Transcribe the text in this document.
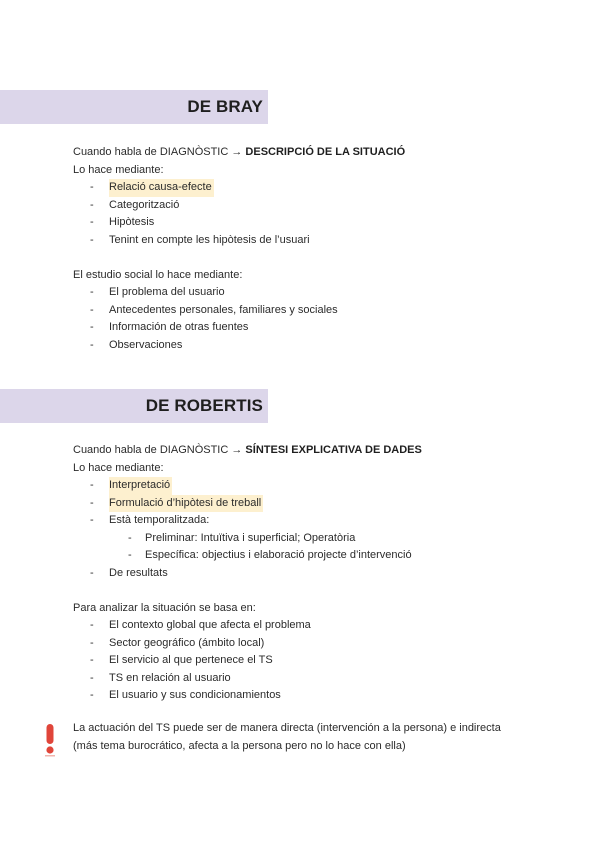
DE BRAY
Cuando habla de DIAGNÒSTIC → DESCRIPCIÓ DE LA SITUACIÓ
Lo hace mediante:
- Relació causa-efecte
- Categorització
- Hipòtesis
- Tenint en compte les hipòtesis de l’usuari
El estudio social lo hace mediante:
- El problema del usuario
- Antecedentes personales, familiares y sociales
- Información de otras fuentes
- Observaciones
DE ROBERTIS
Cuando habla de DIAGNÒSTIC → SÍNTESI EXPLICATIVA DE DADES
Lo hace mediante:
- Interpretació
- Formulació d’hipòtesi de treball
- Està temporalitzada:
- Preliminar: Intuïtiva i superficial; Operatòria
- Específica: objectius i elaboració projecte d’intervenció
- De resultats
Para analizar la situación se basa en:
- El contexto global que afecta el problema
- Sector geográfico (ámbito local)
- El servicio al que pertenece el TS
- TS en relación al usuario
- El usuario y sus condicionamientos
La actuación del TS puede ser de manera directa (intervención a la persona) e indirecta
(más tema burocrático, afecta a la persona pero no lo hace con ella)
